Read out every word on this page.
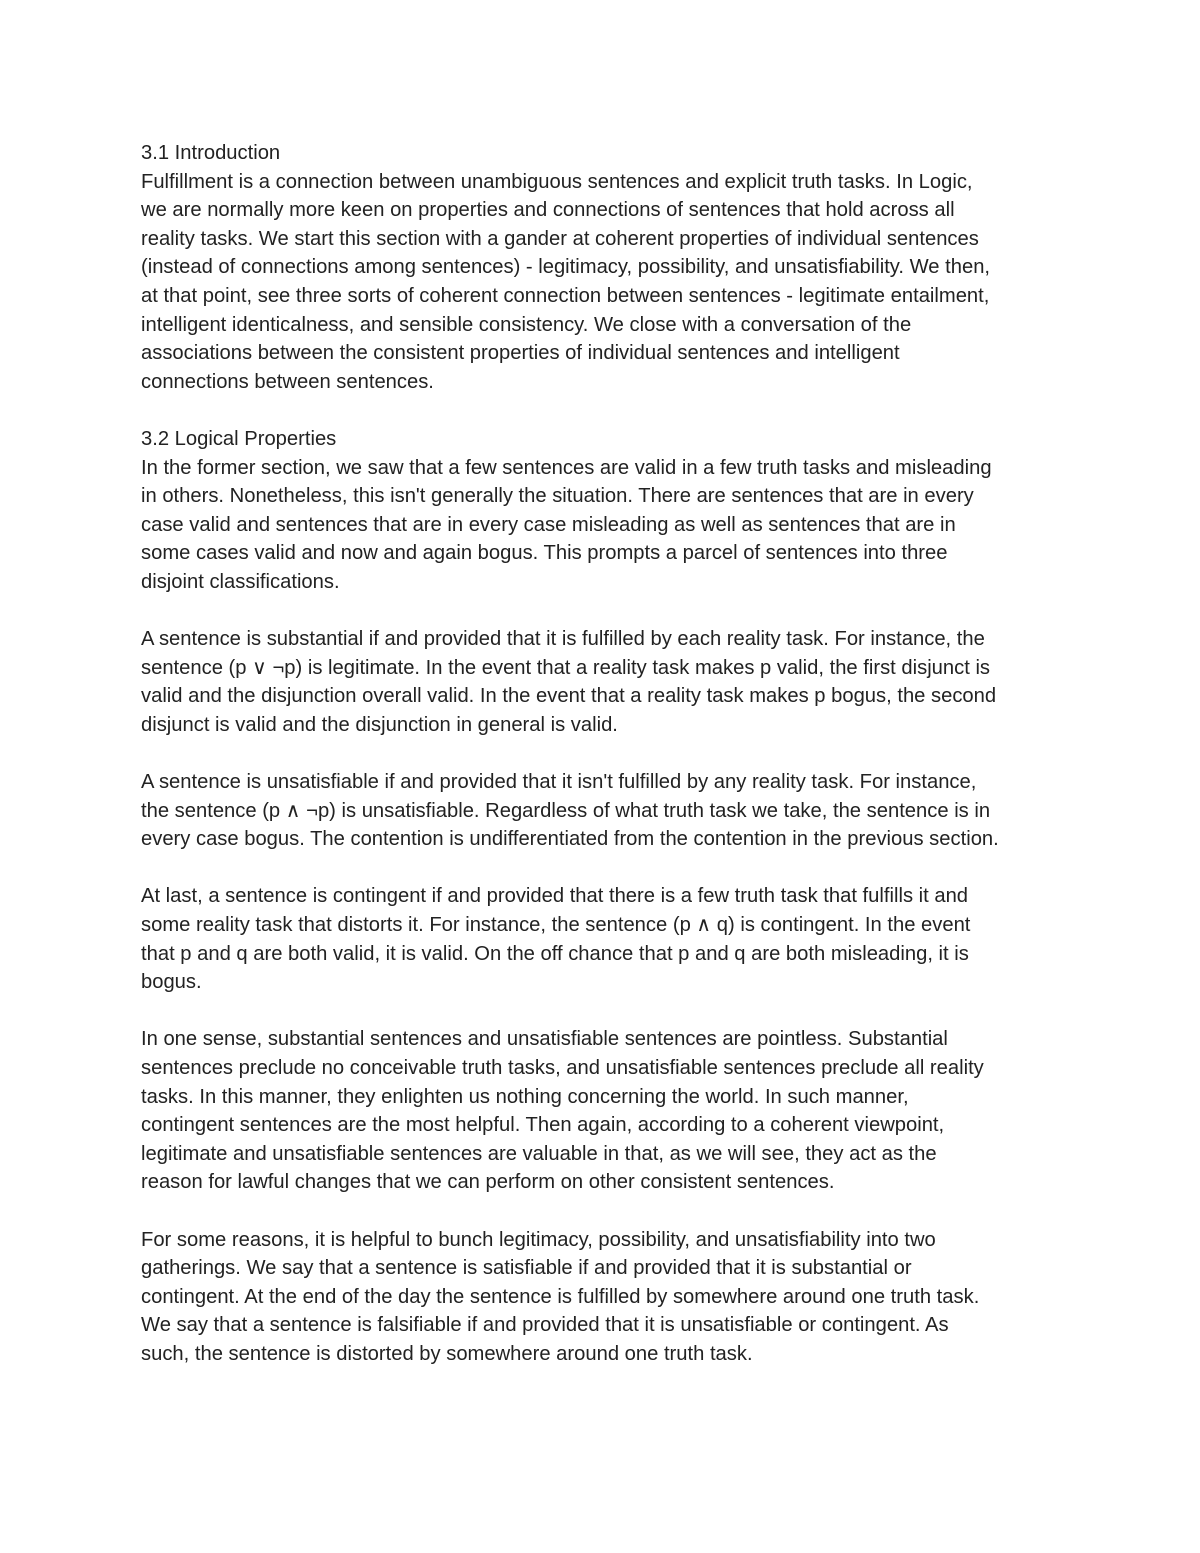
3.1 Introduction
Fulfillment is a connection between unambiguous sentences and explicit truth tasks. In Logic,
we are normally more keen on properties and connections of sentences that hold across all
reality tasks. We start this section with a gander at coherent properties of individual sentences
(instead of connections among sentences) - legitimacy, possibility, and unsatisfiability. We then,
at that point, see three sorts of coherent connection between sentences - legitimate entailment,
intelligent identicalness, and sensible consistency. We close with a conversation of the
associations between the consistent properties of individual sentences and intelligent
connections between sentences.
3.2 Logical Properties
In the former section, we saw that a few sentences are valid in a few truth tasks and misleading
in others. Nonetheless, this isn't generally the situation. There are sentences that are in every
case valid and sentences that are in every case misleading as well as sentences that are in
some cases valid and now and again bogus. This prompts a parcel of sentences into three
disjoint classifications.
A sentence is substantial if and provided that it is fulfilled by each reality task. For instance, the
sentence (p ∨ ¬p) is legitimate. In the event that a reality task makes p valid, the first disjunct is
valid and the disjunction overall valid. In the event that a reality task makes p bogus, the second
disjunct is valid and the disjunction in general is valid.
A sentence is unsatisfiable if and provided that it isn't fulfilled by any reality task. For instance,
the sentence (p ∧ ¬p) is unsatisfiable. Regardless of what truth task we take, the sentence is in
every case bogus. The contention is undifferentiated from the contention in the previous section.
At last, a sentence is contingent if and provided that there is a few truth task that fulfills it and
some reality task that distorts it. For instance, the sentence (p ∧ q) is contingent. In the event
that p and q are both valid, it is valid. On the off chance that p and q are both misleading, it is
bogus.
In one sense, substantial sentences and unsatisfiable sentences are pointless. Substantial
sentences preclude no conceivable truth tasks, and unsatisfiable sentences preclude all reality
tasks. In this manner, they enlighten us nothing concerning the world. In such manner,
contingent sentences are the most helpful. Then again, according to a coherent viewpoint,
legitimate and unsatisfiable sentences are valuable in that, as we will see, they act as the
reason for lawful changes that we can perform on other consistent sentences.
For some reasons, it is helpful to bunch legitimacy, possibility, and unsatisfiability into two
gatherings. We say that a sentence is satisfiable if and provided that it is substantial or
contingent. At the end of the day the sentence is fulfilled by somewhere around one truth task.
We say that a sentence is falsifiable if and provided that it is unsatisfiable or contingent. As
such, the sentence is distorted by somewhere around one truth task.
